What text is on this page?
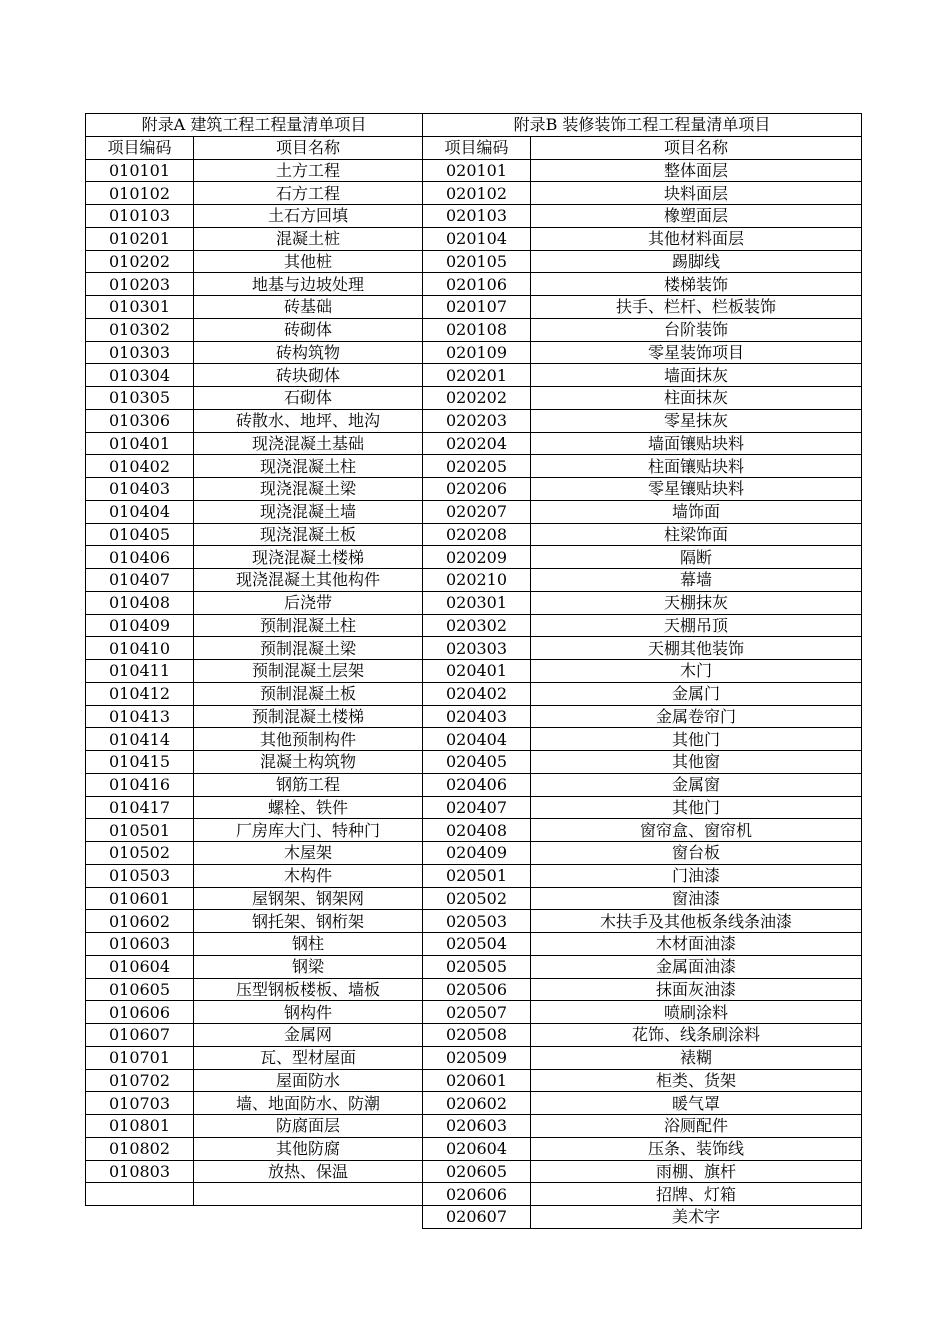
附录A 建筑工程工程量清单项目	
项目编码	项目名称
010101	土方工程
010102	石方工程
010103	土石方回填
010201	混凝土桩
010202	其他桩
010203	地基与边坡处理
010301	砖基础
010302	砖砌体
010303	砖构筑物
010304	砖块砌体
010305	石砌体
010306	砖散水、地坪、地沟
010401	现浇混凝土基础
010402	现浇混凝土柱
010403	现浇混凝土梁
010404	现浇混凝土墙
010405	现浇混凝土板
010406	现浇混凝土楼梯
010407	现浇混凝土其他构件
010408	后浇带
010409	预制混凝土柱
010410	预制混凝土梁
010411	预制混凝土层架
010412	预制混凝土板
010413	预制混凝土楼梯
010414	其他预制构件
010415	混凝土构筑物
010416	钢筋工程
010417	螺栓、铁件
010501	厂房库大门、特种门
010502	木屋架
010503	木构件
010601	屋钢架、钢架网
010602	钢托架、钢桁架
010603	钢柱
010604	钢梁
010605	压型钢板楼板、墙板
010606	钢构件
010607	金属网
010701	瓦、型材屋面
010702	屋面防水
010703	墙、地面防水、防潮
010801	防腐面层
010802	其他防腐
010803	放热、保温

附录B 装修装饰工程工程量清单项目	
项目编码	项目名称
020101	整体面层
020102	块料面层
020103	橡塑面层
020104	其他材料面层
020105	踢脚线
020106	楼梯装饰
020107	扶手、栏杆、栏板装饰
020108	台阶装饰
020109	零星装饰项目
020201	墙面抹灰
020202	柱面抹灰
020203	零星抹灰
020204	墙面镶贴块料
020205	柱面镶贴块料
020206	零星镶贴块料
020207	墙饰面
020208	柱梁饰面
020209	隔断
020210	幕墙
020301	天棚抹灰
020302	天棚吊顶
020303	天棚其他装饰
020401	木门
020402	金属门
020403	金属卷帘门
020404	其他门
020405	其他窗
020406	金属窗
020407	其他门
020408	窗帘盒、窗帘机
020409	窗台板
020501	门油漆
020502	窗油漆
020503	木扶手及其他板条线条油漆
020504	木材面油漆
020505	金属面油漆
020506	抹面灰油漆
020507	喷刷涂料
020508	花饰、线条刷涂料
020509	裱糊
020601	柜类、货架
020602	暖气罩
020603	浴厕配件
020604	压条、装饰线
020605	雨棚、旗杆
020606	招牌、灯箱
020607	美术字
